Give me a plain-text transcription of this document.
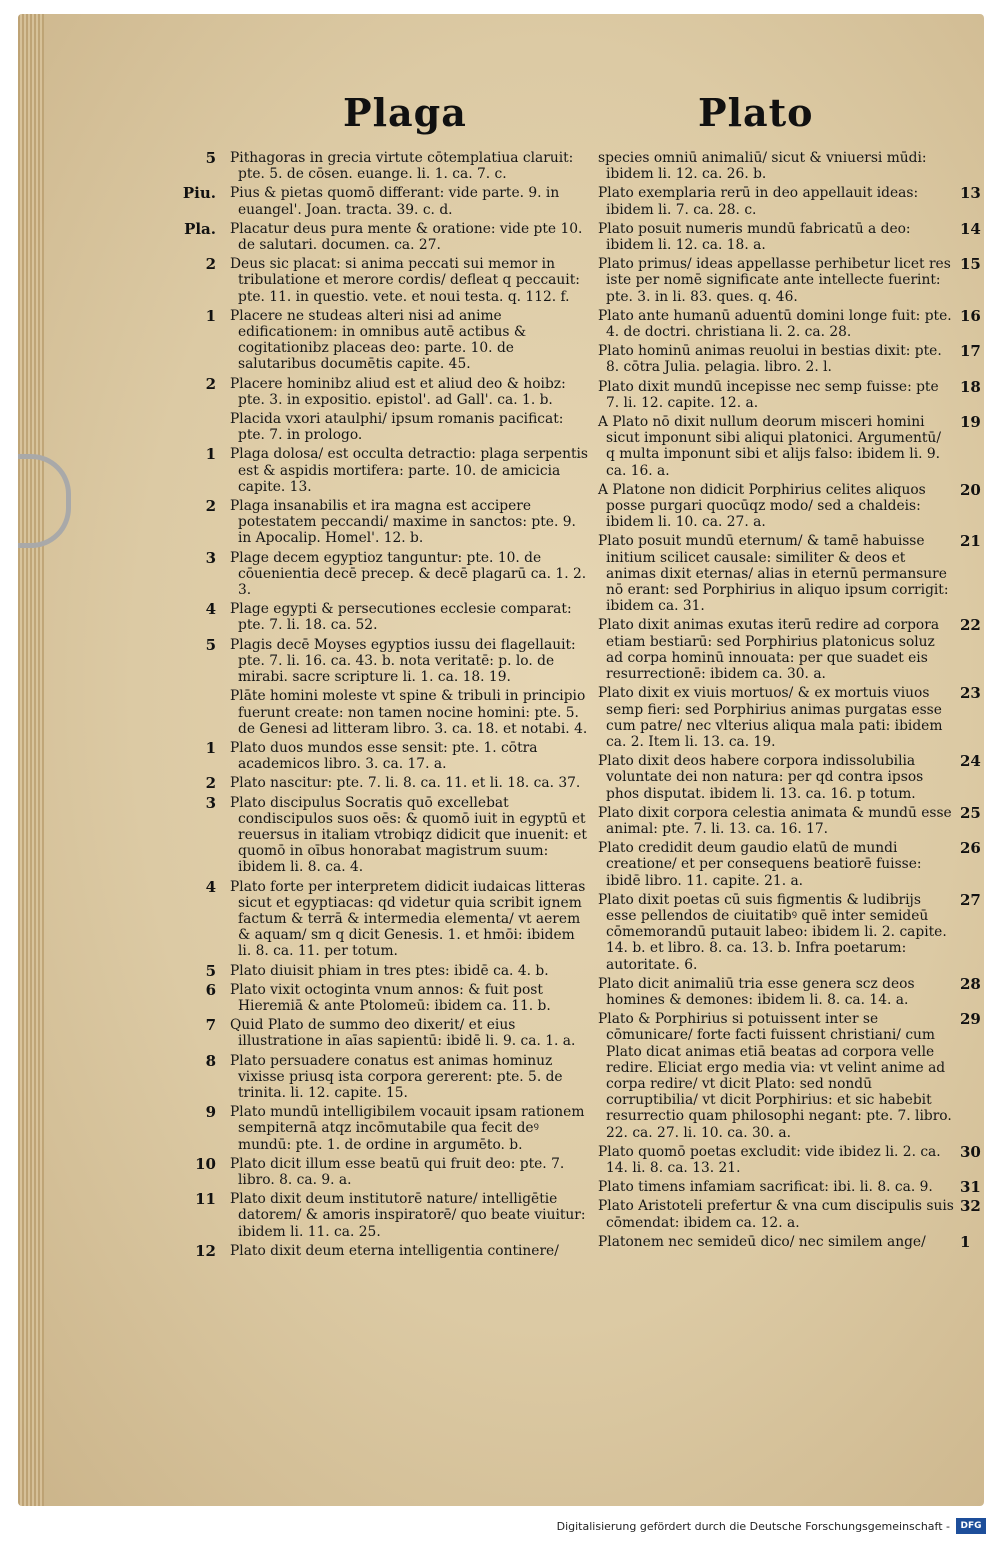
Plaga	Plato
5 Pithagoras in grecia virtute cōtemplatiua claruit: pte. 5. de cōsen. euange. li. 1. ca. 7. c.
Piu. Pius & pietas quomō differant: vide parte. 9. in euangel'. Joan. tracta. 39. c. d.
Pla. Placatur deus pura mente & oratione: vide pte 10. de salutari. documen. ca. 27.
2 Deus sic placat: si anima peccati sui memor in tribulatione et merore cordis/ defleat q peccauit: pte. 11. in questio. vete. et noui testa. q. 112. f.
1 Placere ne studeas alteri nisi ad anime edificationem: in omnibus autē actibus & cogitationibz placeas deo: parte. 10. de salutaribus documētis capite. 45.
2 Placere hominibz aliud est et aliud deo & hoibz: pte. 3. in expositio. epistol'. ad Gall'. ca. 1. b.
Placida vxori ataulphi/ ipsum romanis pacificat: pte. 7. in prologo.
1 Plaga dolosa/ est occulta detractio: plaga serpentis est & aspidis mortifera: parte. 10. de amicicia capite. 13.
2 Plaga insanabilis et ira magna est accipere potestatem peccandi/ maxime in sanctos: pte. 9. in Apocalip. Homel'. 12. b.
3 Plage decem egyptioz tanguntur: pte. 10. de cōuenientia decē precep. & decē plagarū ca. 1. 2. 3.
4 Plage egypti & persecutiones ecclesie comparat: pte. 7. li. 18. ca. 52.
5 Plagis decē Moyses egyptios iussu dei flagellauit: pte. 7. li. 16. ca. 43. b. nota veritatē: p. lo. de mirabi. sacre scripture li. 1. ca. 18. 19.
Plāte homini moleste vt spine & tribuli in principio fuerunt create: non tamen nocine homini: pte. 5. de Genesi ad litteram libro. 3. ca. 18. et notabi. 4.
1 Plato duos mundos esse sensit: pte. 1. cōtra academicos libro. 3. ca. 17. a.
2 Plato nascitur: pte. 7. li. 8. ca. 11. et li. 18. ca. 37.
3 Plato discipulus Socratis quō excellebat condiscipulos suos oēs: & quomō iuit in egyptū et reuersus in italiam vtrobiqz didicit que inuenit: et quomō in oībus honorabat magistrum suum: ibidem li. 8. ca. 4.
4 Plato forte per interpretem didicit iudaicas litteras sicut et egyptiacas: qd videtur quia scribit ignem factum & terrā & intermedia elementa/ vt aerem & aquam/ sm q dicit Genesis. 1. et hmōi: ibidem li. 8. ca. 11. per totum.
5 Plato diuisit phiam in tres ptes: ibidē ca. 4. b.
6 Plato vixit octoginta vnum annos: & fuit post Hieremiā & ante Ptolomeū: ibidem ca. 11. b.
7 Quid Plato de summo deo dixerit/ et eius illustratione in aīas sapientū: ibidē li. 9. ca. 1. a.
8 Plato persuadere conatus est animas hominuz vixisse priusq ista corpora gererent: pte. 5. de trinita. li. 12. capite. 15.
9 Plato mundū intelligibilem vocauit ipsam rationem sempiternā atqz incōmutabile qua fecit deꝰ mundū: pte. 1. de ordine in argumēto. b.
10 Plato dicit illum esse beatū qui fruit deo: pte. 7. libro. 8. ca. 9. a.
11 Plato dixit deum institutorē nature/ intelligētie datorem/ & amoris inspiratorē/ quo beate viuitur: ibidem li. 11. ca. 25.
12 Plato dixit deum eterna intelligentia continere/
species omniū animaliū/ sicut & vniuersi mūdi: ibidem li. 12. ca. 26. b.
13
Plato exemplaria rerū in deo appellauit ideas: ibidem li. 7. ca. 28. c.
14
Plato posuit numeris mundū fabricatū a deo: ibidem li. 12. ca. 18. a.
15
Plato primus/ ideas appellasse perhibetur licet res iste per nomē significate ante intellecte fuerint: pte. 3. in li. 83. ques. q. 46.
16
Plato ante humanū aduentū domini longe fuit: pte. 4. de doctri. christiana li. 2. ca. 28.
17
Plato hominū animas reuolui in bestias dixit: pte. 8. cōtra Julia. pelagia. libro. 2. l.
18
Plato dixit mundū incepisse nec semp fuisse: pte 7. li. 12. capite. 12. a.
19
A Plato nō dixit nullum deorum misceri homini sicut imponunt sibi aliqui platonici. Argumentū/ q multa imponunt sibi et alijs falso: ibidem li. 9. ca. 16. a.
20
A Platone non didicit Porphirius celites aliquos posse purgari quocūqz modo/ sed a chaldeis: ibidem li. 10. ca. 27. a.
21
Plato posuit mundū eternum/ & tamē habuisse initium scilicet causale: similiter & deos et animas dixit eternas/ alias in eternū permansure nō erant: sed Porphirius in aliquo ipsum corrigit: ibidem ca. 31.
22
Plato dixit animas exutas iterū redire ad corpora etiam bestiarū: sed Porphirius platonicus soluz ad corpa hominū innouata: per que suadet eis resurrectionē: ibidem ca. 30. a.
23
Plato dixit ex viuis mortuos/ & ex mortuis viuos semp fieri: sed Porphirius animas purgatas esse cum patre/ nec vlterius aliqua mala pati: ibidem ca. 2. Item li. 13. ca. 19.
24
Plato dixit deos habere corpora indissolubilia voluntate dei non natura: per qd contra ipsos phos disputat. ibidem li. 13. ca. 16. p totum.
25
Plato dixit corpora celestia animata & mundū esse animal: pte. 7. li. 13. ca. 16. 17.
26
Plato credidit deum gaudio elatū de mundi creatione/ et per consequens beatiorē fuisse: ibidē libro. 11. capite. 21. a.
27
Plato dixit poetas cū suis figmentis & ludibrijs esse pellendos de ciuitatibꝰ quē inter semideū cōmemorandū putauit labeo: ibidem li. 2. capite. 14. b. et libro. 8. ca. 13. b. Infra poetarum: autoritate. 6.
28
Plato dicit animaliū tria esse genera scz deos homines & demones: ibidem li. 8. ca. 14. a.
29
Plato & Porphirius si potuissent inter se cōmunicare/ forte facti fuissent christiani/ cum Plato dicat animas etiā beatas ad corpora velle redire. Eliciat ergo media via: vt velint anime ad corpa redire/ vt dicit Plato: sed nondū corruptibilia/ vt dicit Porphirius: et sic habebit resurrectio quam philosophi negant: pte. 7. libro. 22. ca. 27. li. 10. ca. 30. a.
30
Plato quomō poetas excludit: vide ibidez li. 2. ca. 14. li. 8. ca. 13. 21.
31
Plato timens infamiam sacrificat: ibi. li. 8. ca. 9.
32
Plato Aristoteli prefertur & vna cum discipulis suis cōmendat: ibidem ca. 12. a.
1
Platonem nec semideū dico/ nec similem ange/
Digitalisierung gefördert durch die Deutsche Forschungsgemeinschaft -	DFG
